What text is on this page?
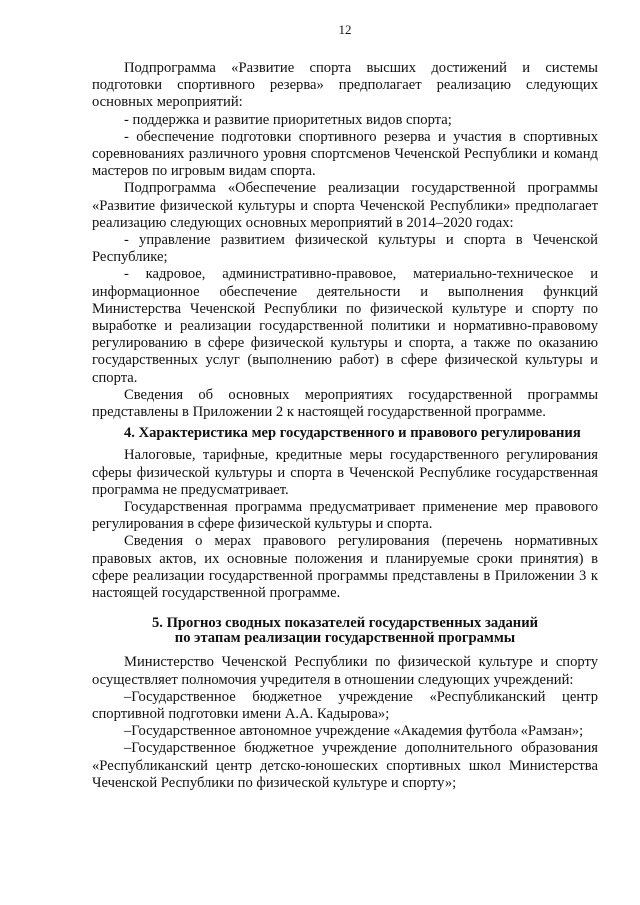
12

Подпрограмма «Развитие спорта высших достижений и системы подготовки спортивного резерва» предполагает реализацию следующих основных мероприятий:

- поддержка и развитие приоритетных видов спорта;

- обеспечение подготовки спортивного резерва и участия в спортивных соревнованиях различного уровня спортсменов Чеченской Республики и команд мастеров по игровым видам спорта.

Подпрограмма «Обеспечение реализации государственной программы «Развитие физической культуры и спорта Чеченской Республики» предполагает реализацию следующих основных мероприятий в 2014–2020 годах:

- управление развитием физической культуры и спорта в Чеченской Республике;

- кадровое, административно-правовое, материально-техническое и информационное обеспечение деятельности и выполнения функций Министерства Чеченской Республики по физической культуре и спорту по выработке и реализации государственной политики и нормативно-правовому регулированию в сфере физической культуры и спорта, а также по оказанию государственных услуг (выполнению работ) в сфере физической культуры и спорта.

Сведения об основных мероприятиях государственной программы представлены в Приложении 2 к настоящей государственной программе.

4. Характеристика мер государственного и правового регулирования

Налоговые, тарифные, кредитные меры государственного регулирования сферы физической культуры и спорта в Чеченской Республике государственная программа не предусматривает.

Государственная программа предусматривает применение мер правового регулирования в сфере физической культуры и спорта.

Сведения о мерах правового регулирования (перечень нормативных правовых актов, их основные положения и планируемые сроки принятия) в сфере реализации государственной программы представлены в Приложении 3 к настоящей государственной программе.

5. Прогноз сводных показателей государственных заданий
по этапам реализации государственной программы

Министерство Чеченской Республики по физической культуре и спорту осуществляет полномочия учредителя в отношении следующих учреждений:

–Государственное бюджетное учреждение «Республиканский центр спортивной подготовки имени А.А. Кадырова»;

–Государственное автономное учреждение «Академия футбола «Рамзан»;

–Государственное бюджетное учреждение дополнительного образования «Республиканский центр детско-юношеских спортивных школ Министерства Чеченской Республики по физической культуре и спорту»;
